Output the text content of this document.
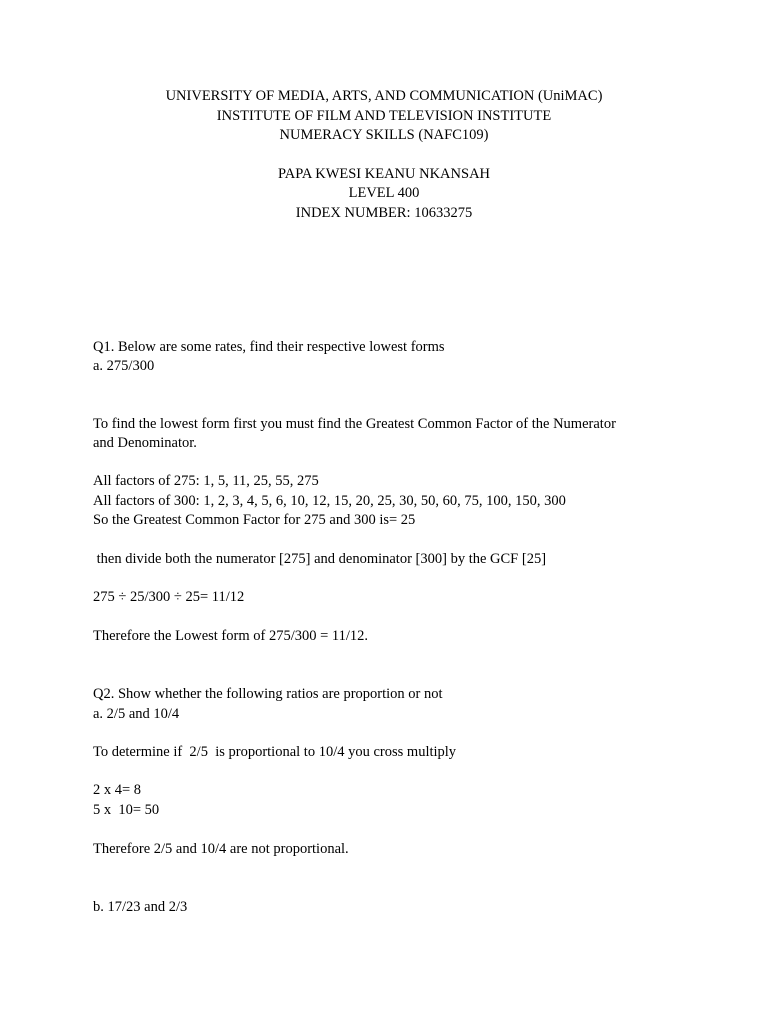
UNIVERSITY OF MEDIA, ARTS, AND COMMUNICATION (UniMAC)
INSTITUTE OF FILM AND TELEVISION INSTITUTE
NUMERACY SKILLS (NAFC109)
PAPA KWESI KEANU NKANSAH
LEVEL 400
INDEX NUMBER: 10633275
Q1. Below are some rates, find their respective lowest forms
a. 275/300
To find the lowest form first you must find the Greatest Common Factor of the Numerator
and Denominator.
All factors of 275: 1, 5, 11, 25, 55, 275
All factors of 300: 1, 2, 3, 4, 5, 6, 10, 12, 15, 20, 25, 30, 50, 60, 75, 100, 150, 300
So the Greatest Common Factor for 275 and 300 is= 25
then divide both the numerator [275] and denominator [300] by the GCF [25]
275 ÷ 25/300 ÷ 25= 11/12
Therefore the Lowest form of 275/300 = 11/12.
Q2. Show whether the following ratios are proportion or not
a. 2/5 and 10/4
To determine if  2/5  is proportional to 10/4 you cross multiply
2 x 4= 8
5 x  10= 50
Therefore 2/5 and 10/4 are not proportional.
b. 17/23 and 2/3
